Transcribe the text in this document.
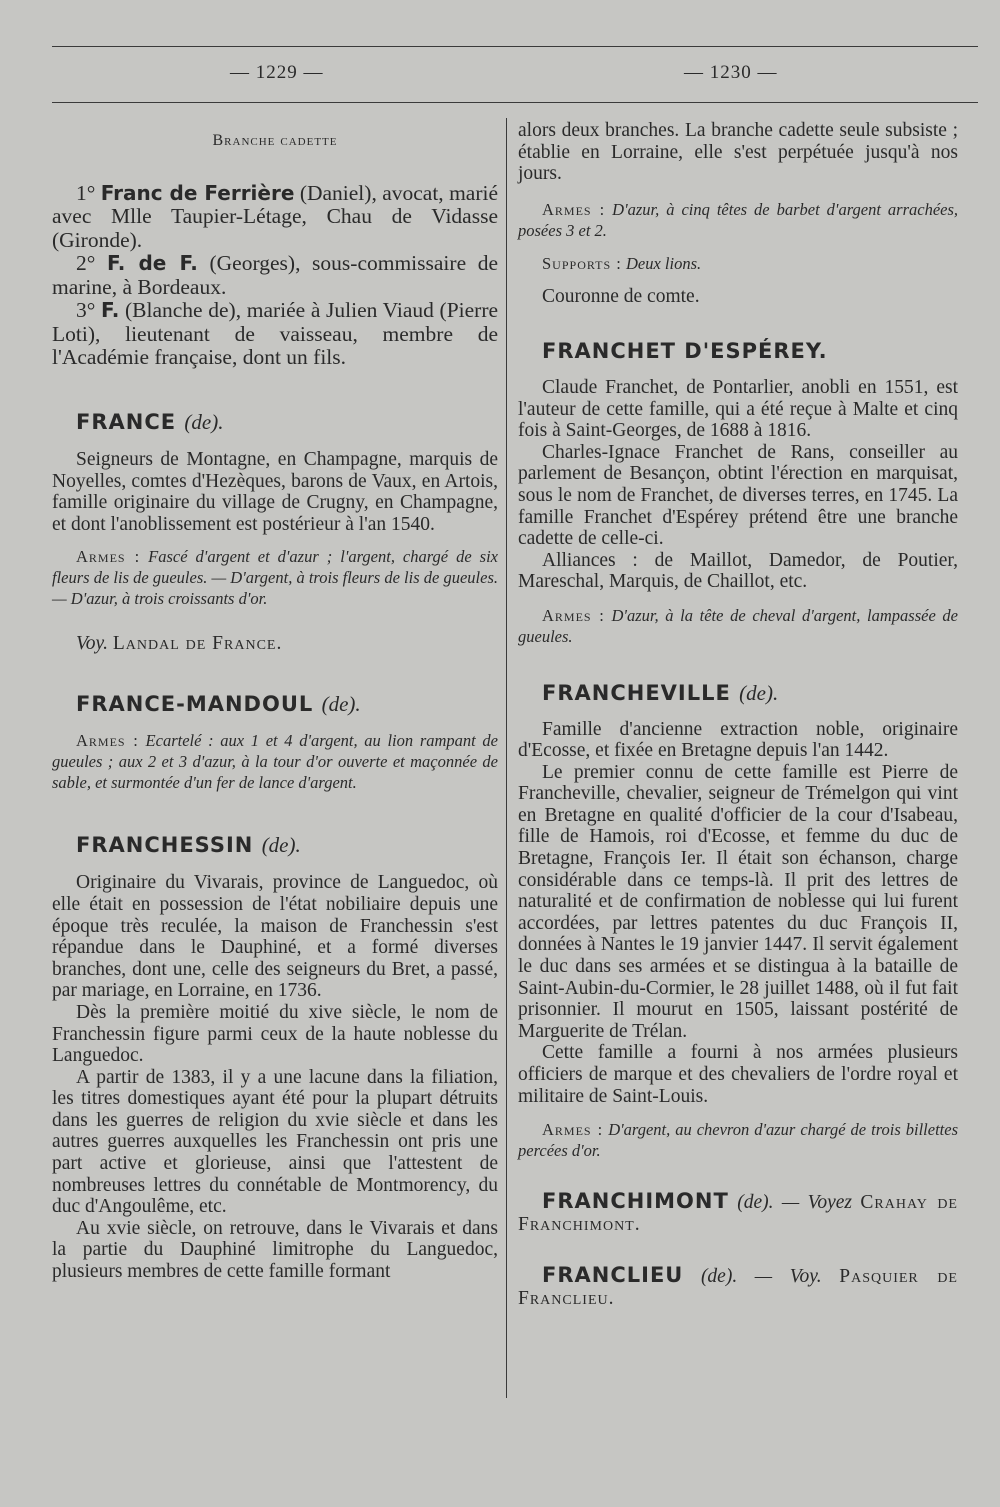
— 1229 —	— 1230 —

Branche cadette

1° Franc de Ferrière (Daniel), avocat, marié avec Mlle Taupier-Létage, Chau de Vidasse (Gironde).

2° F. de F. (Georges), sous-commissaire de marine, à Bordeaux.

3° F. (Blanche de), mariée à Julien Viaud (Pierre Loti), lieutenant de vaisseau, membre de l'Académie française, dont un fils.

FRANCE (de).

Seigneurs de Montagne, en Champagne, marquis de Noyelles, comtes d'Hezèques, barons de Vaux, en Artois, famille originaire du village de Crugny, en Champagne, et dont l'anoblissement est postérieur à l'an 1540.

Armes : Fascé d'argent et d'azur ; l'argent, chargé de six fleurs de lis de gueules. — D'argent, à trois fleurs de lis de gueules. — D'azur, à trois croissants d'or.

Voy. Landal de France.

FRANCE-MANDOUL (de).

Armes : Ecartelé : aux 1 et 4 d'argent, au lion rampant de gueules ; aux 2 et 3 d'azur, à la tour d'or ouverte et maçonnée de sable, et surmontée d'un fer de lance d'argent.

FRANCHESSIN (de).

Originaire du Vivarais, province de Languedoc, où elle était en possession de l'état nobiliaire depuis une époque très reculée, la maison de Franchessin s'est répandue dans le Dauphiné, et a formé diverses branches, dont une, celle des seigneurs du Bret, a passé, par mariage, en Lorraine, en 1736.

Dès la première moitié du xive siècle, le nom de Franchessin figure parmi ceux de la haute noblesse du Languedoc.

A partir de 1383, il y a une lacune dans la filiation, les titres domestiques ayant été pour la plupart détruits dans les guerres de religion du xvie siècle et dans les autres guerres auxquelles les Franchessin ont pris une part active et glorieuse, ainsi que l'attestent de nombreuses lettres du connétable de Montmorency, du duc d'Angoulême, etc.

Au xvie siècle, on retrouve, dans le Vivarais et dans la partie du Dauphiné limitrophe du Languedoc, plusieurs membres de cette famille formant

alors deux branches. La branche cadette seule subsiste ; établie en Lorraine, elle s'est perpétuée jusqu'à nos jours.

Armes : D'azur, à cinq têtes de barbet d'argent arrachées, posées 3 et 2.

Supports : Deux lions.

Couronne de comte.

FRANCHET D'ESPÉREY.

Claude Franchet, de Pontarlier, anobli en 1551, est l'auteur de cette famille, qui a été reçue à Malte et cinq fois à Saint-Georges, de 1688 à 1816.

Charles-Ignace Franchet de Rans, conseiller au parlement de Besançon, obtint l'érection en marquisat, sous le nom de Franchet, de diverses terres, en 1745. La famille Franchet d'Espérey prétend être une branche cadette de celle-ci.

Alliances : de Maillot, Damedor, de Poutier, Mareschal, Marquis, de Chaillot, etc.

Armes : D'azur, à la tête de cheval d'argent, lampassée de gueules.

FRANCHEVILLE (de).

Famille d'ancienne extraction noble, originaire d'Ecosse, et fixée en Bretagne depuis l'an 1442.

Le premier connu de cette famille est Pierre de Francheville, chevalier, seigneur de Trémelgon qui vint en Bretagne en qualité d'officier de la cour d'Isabeau, fille de Hamois, roi d'Ecosse, et femme du duc de Bretagne, François Ier. Il était son échanson, charge considérable dans ce temps-là. Il prit des lettres de naturalité et de confirmation de noblesse qui lui furent accordées, par lettres patentes du duc François II, données à Nantes le 19 janvier 1447. Il servit également le duc dans ses armées et se distingua à la bataille de Saint-Aubin-du-Cormier, le 28 juillet 1488, où il fut fait prisonnier. Il mourut en 1505, laissant postérité de Marguerite de Trélan.

Cette famille a fourni à nos armées plusieurs officiers de marque et des chevaliers de l'ordre royal et militaire de Saint-Louis.

Armes : D'argent, au chevron d'azur chargé de trois billettes percées d'or.

FRANCHIMONT (de). — Voyez Crahay de Franchimont.

FRANCLIEU (de). — Voy. Pasquier de Franclieu.
